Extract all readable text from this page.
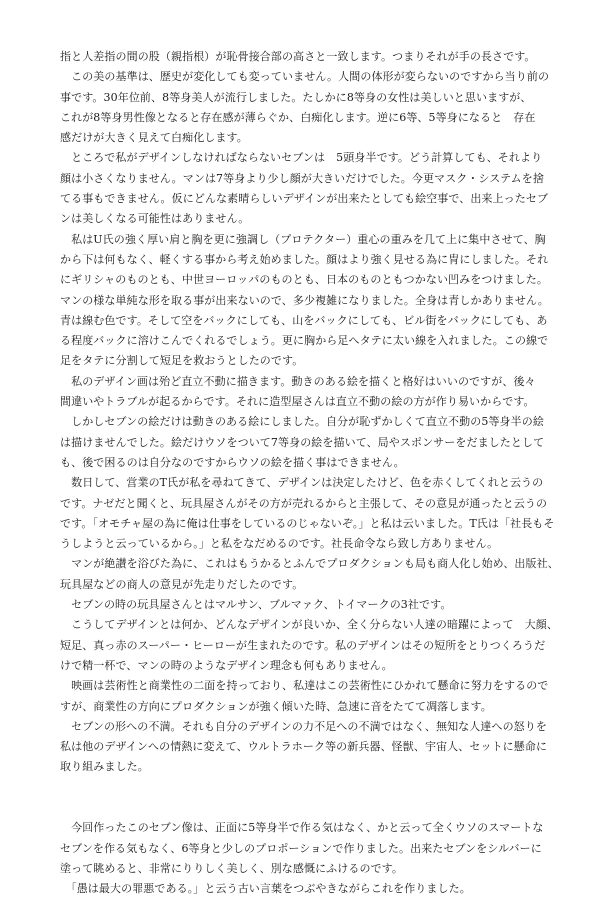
指と人差指の間の股（親指根）が恥骨接合部の高さと一致します。つまりそれが手の長さです。
　この美の基準は、歴史が変化しても変っていません。人間の体形が変らないのですから当り前の
事です。30年位前、8等身美人が流行しました。たしかに8等身の女性は美しいと思いますが、
これが8等身男性像となると存在感が薄らぐか、白痴化します。逆に6等、5等身になると　存在
感だけが大きく見えて白痴化します。
　ところで私がデザインしなければならないセブンは　5頭身半です。どう計算しても、それより
顔は小さくなりません。マンは7等身より少し顔が大きいだけでした。今更マスク・システムを捨
てる事もできません。仮にどんな素晴らしいデザインが出来たとしても絵空事で、出来上ったセブ
ンは美しくなる可能性はありません。
　私はU氏の強く厚い肩と胸を更に強調し（プロテクター）重心の重みを几て上に集中させて、胸
から下は何もなく、軽くする事から考え始めました。顔はより強く見せる為に冑にしました。それ
にギリシャのものとも、中世ヨーロッパのものとも、日本のものともつかない凹みをつけました。
マンの様な単純な形を取る事が出来ないので、多少複雑になりました。全身は青しかありません。
青は線む色です。そして空をバックにしても、山をバックにしても、ビル街をバックにしても、あ
る程度バックに溶けこんでくれるでしょう。更に胸から足へタテに太い線を入れました。この線で
足をタテに分割して短足を救おうとしたのです。
　私のデザイン画は殆ど直立不動に描きます。動きのある絵を描くと格好はいいのですが、後々
間違いやトラブルが起るからです。それに造型屋さんは直立不動の絵の方が作り易いからです。
　しかしセブンの絵だけは動きのある絵にしました。自分が恥ずかしくて直立不動の5等身半の絵
は描けませんでした。絵だけウソをついて7等身の絵を描いて、局やスポンサーをだましたとして
も、後で困るのは自分なのですからウソの絵を描く事はできません。
　数日して、営業のT氏が私を尋ねてきて、デザインは決定したけど、色を赤くしてくれと云うの
です。ナゼだと聞くと、玩具屋さんがその方が売れるからと主張して、その意見が通ったと云うの
です。「オモチャ屋の為に俺は仕事をしているのじゃないぞ。」と私は云いました。T氏は「社長もそ
うしようと云っているから。」と私をなだめるのです。社長命令なら致し方ありません。
　マンが絶讃を浴びた為に、これはもうかるとふんでプロダクションも局も商人化し始め、出版社、
玩具屋などの商人の意見が先走りだしたのです。
　セブンの時の玩具屋さんとはマルサン、ブルマァク、トイマークの3社です。
　こうしてデザインとは何か、どんなデザインが良いか、全く分らない人達の暗躍によって　大顔、
短足、真っ赤のスーパー・ヒーローが生まれたのです。私のデザインはその短所をとりつくろうだ
けで精一杯で、マンの時のようなデザイン理念も何もありません。
　映画は芸術性と商業性の二面を持っており、私達はこの芸術性にひかれて懸命に努力をするので
すが、商業性の方向にプロダクションが強く傾いた時、急速に音をたてて凋落します。
　セブンの形への不満。それも自分のデザインの力不足への不満ではなく、無知な人達への怒りを
私は他のデザインへの情熱に変えて、ウルトラホーク等の新兵器、怪獣、宇宙人、セットに懸命に
取り組みました。
　今回作ったこのセブン像は、正面に5等身半で作る気はなく、かと云って全くウソのスマートな
セブンを作る気もなく、6等身と少しのプロポーションで作りました。出来たセブンをシルバーに
塗って眺めると、非常にりりしく美しく、別な感慨にふけるのです。
　「愚は最大の罪悪である。」と云う古い言葉をつぶやきながらこれを作りました。
